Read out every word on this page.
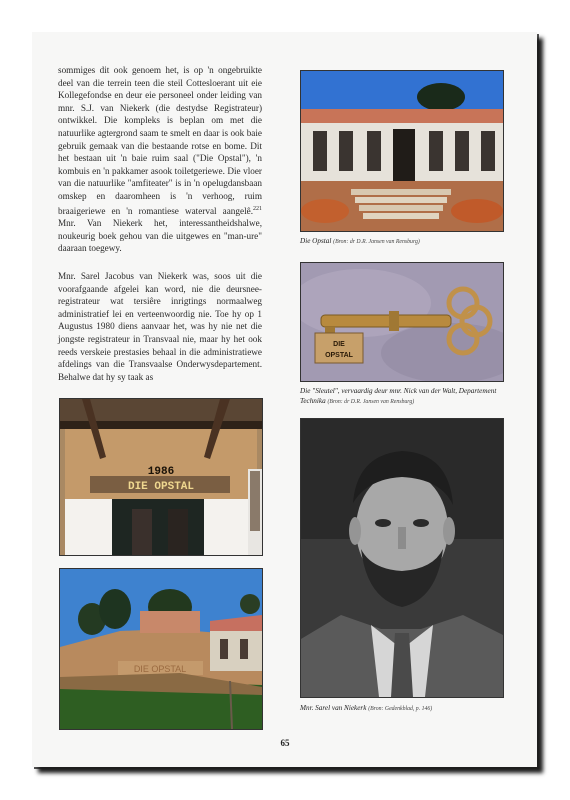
sommiges dit ook genoem het, is op 'n ongebruikte deel van die terrein teen die steil Cottesloerant uit eie Kollegefondse en deur eie personeel onder leiding van mnr. S.J. van Niekerk (die destydse Registrateur) ontwikkel. Die kompleks is beplan om met die natuurlike agtergrond saam te smelt en daar is ook baie gebruik gemaak van die bestaande rotse en bome. Dit het bestaan uit 'n baie ruim saal ("Die Opstal"), 'n kombuis en 'n pakkamer asook toiletgeriewe. Die vloer van die natuurlike "amfiteater" is in 'n opelugdansbaan omskep en daaromheen is 'n verhoog, ruim braaigeriewe en 'n romantiese waterval aangelê.$^{221}$ Mnr. Van Niekerk het, interessantheidshalwe, noukeurig boek gehou van die uitgewes en "man-ure" daaraan toegewy.
Mnr. Sarel Jacobus van Niekerk was, soos uit die voorafgaande afgelei kan word, nie die deursnee-registrateur wat tersiêre inrigtings normaalweg administratief lei en verteenwoordig nie. Toe hy op 1 Augustus 1980 diens aanvaar het, was hy nie net die jongste registrateur in Transvaal nie, maar hy het ook reeds verskeie prestasies behaal in die administratiewe afdelings van die Transvaalse Onderwysdepartement. Behalwe dat hy sy taak as
1986
DIE OPSTAL
DIE OPSTAL
Die Opstal (Bron: dr D.R. Jansen van Rensburg)
DIE
OPSTAL
Die "Sleutel", vervaardig deur mnr. Nick van der Walt, Departement Technika (Bron: dr D.R. Jansen van Rensburg)
Mnr. Sarel van Niekerk (Bron: Gedenkblad, p. 146)
65
